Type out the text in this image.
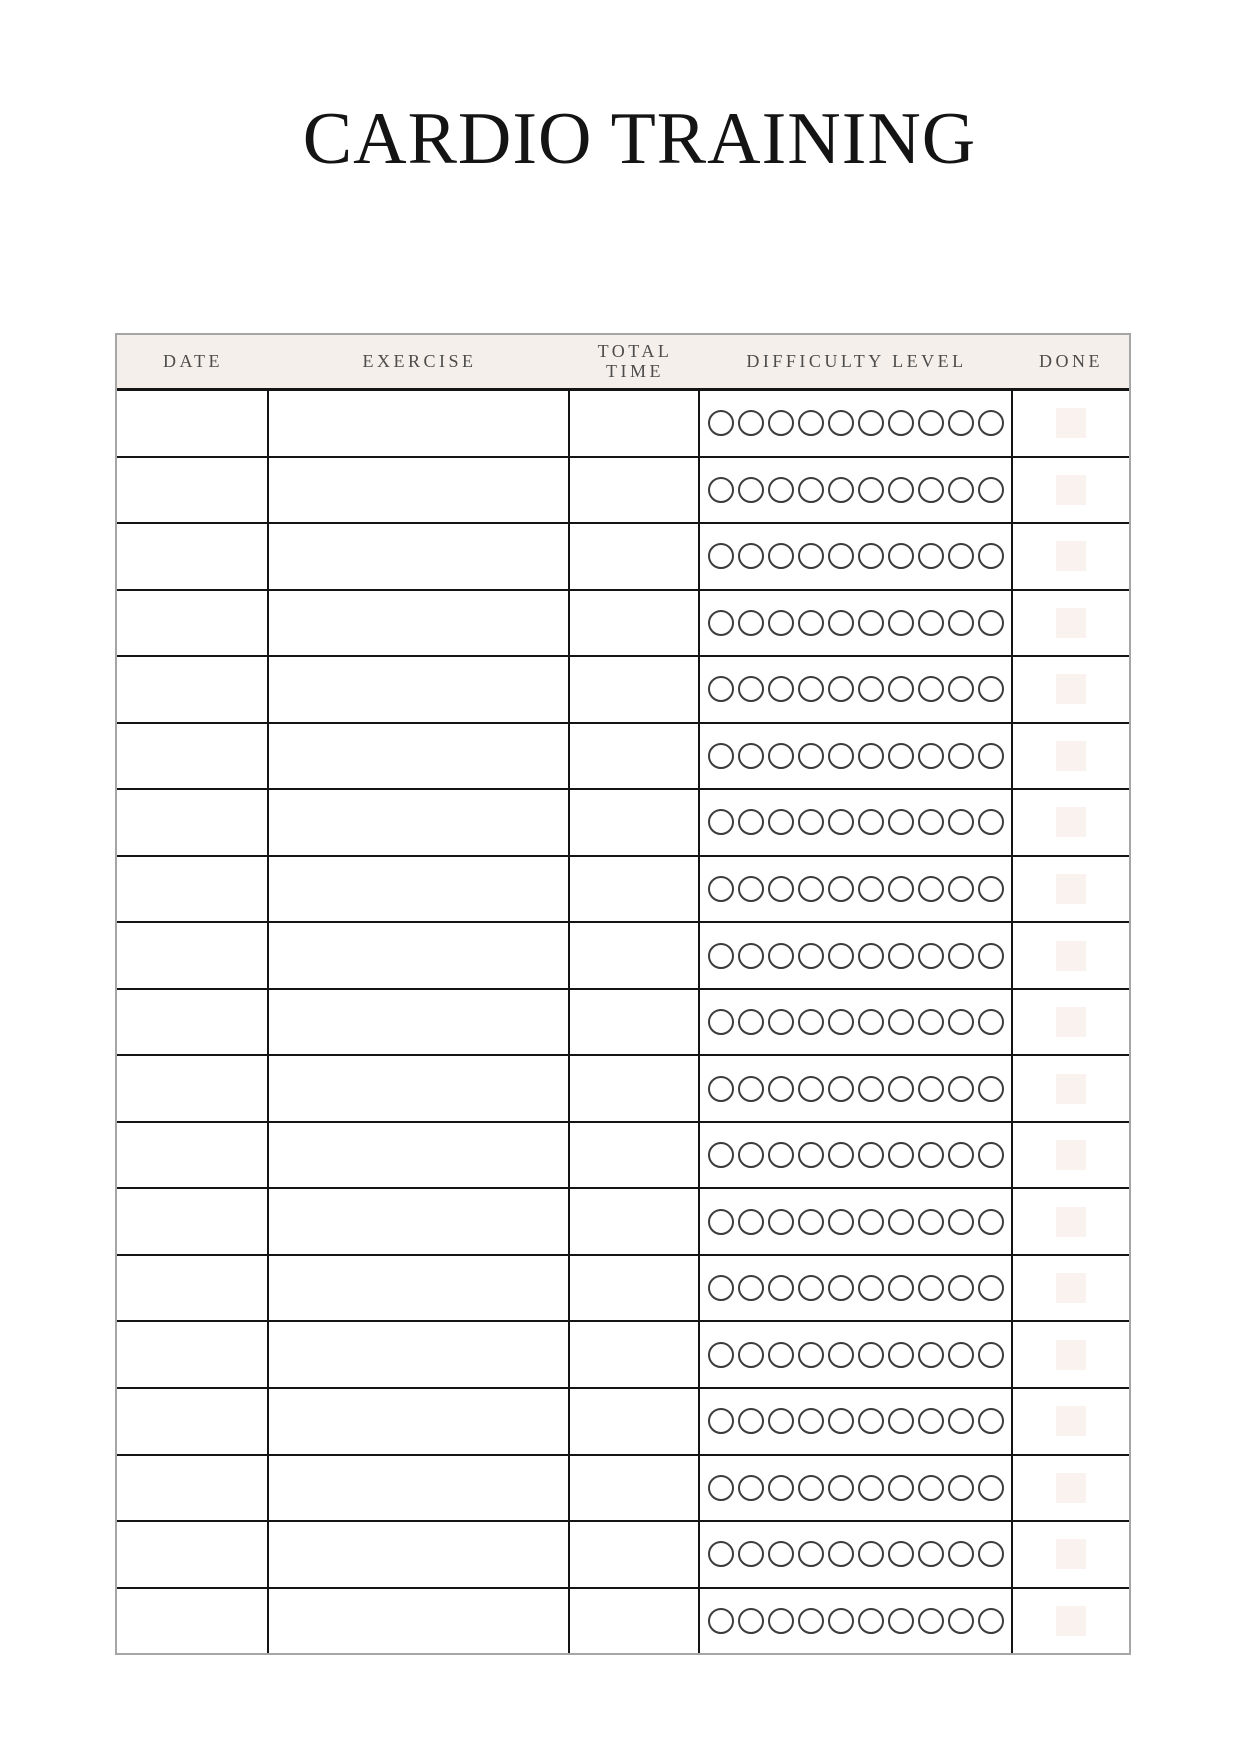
CARDIO TRAINING
DATE	EXERCISE	TOTAL TIME	DIFFICULTY LEVEL	DONE
